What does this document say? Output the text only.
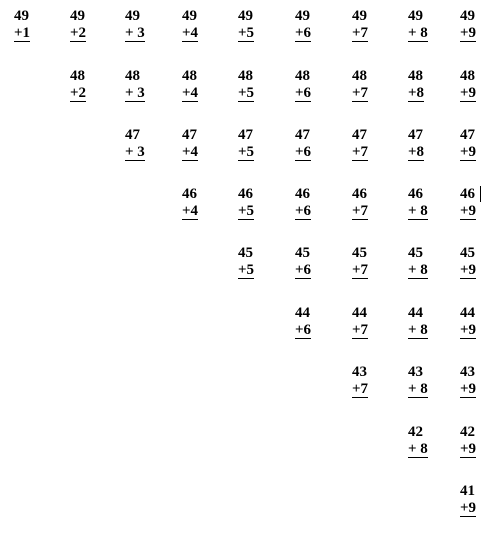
49
+1
49
+2
49
+ 3
49
+4
49
+5
49
+6
49
+7
49
+ 8
49
+9
48
+2
48
+ 3
48
+4
48
+5
48
+6
48
+7
48
+8
48
+9
47
+ 3
47
+4
47
+5
47
+6
47
+7
47
+8
47
+9
46
+4
46
+5
46
+6
46
+7
46
+ 8
46
+9
45
+5
45
+6
45
+7
45
+ 8
45
+9
44
+6
44
+7
44
+ 8
44
+9
43
+7
43
+ 8
43
+9
42
+ 8
42
+9
41
+9
